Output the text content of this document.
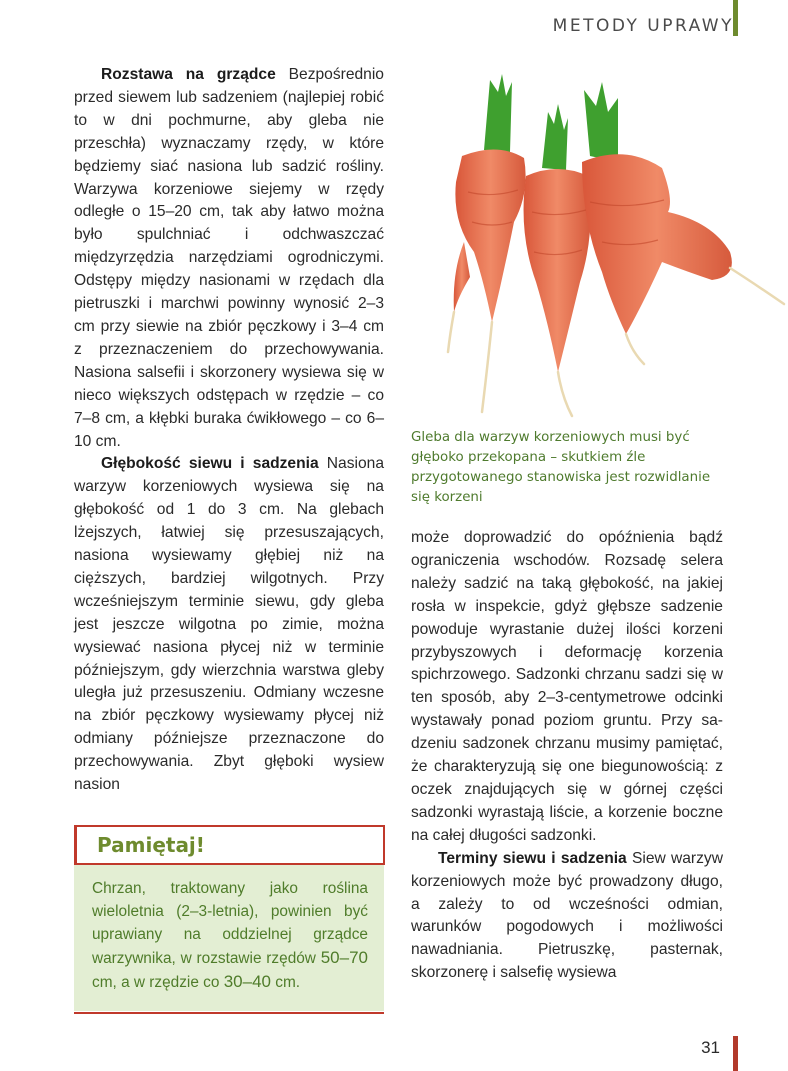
METODY UPRAWY

Rozstawa na grządce Bezpośrednio przed siewem lub sadzeniem (najlepiej robić to w dni pochmurne, aby gleba nie przeschła) wyznaczamy rzędy, w które będziemy siać nasiona lub sadzić rośliny. Warzywa korzeniowe siejemy w rzędy odległe o 15–20 cm, tak aby łatwo można było spulchniać i odchwaszczać międzyrzędzia narzędziami ogrodniczymi. Odstępy między nasionami w rzędach dla pietruszki i marchwi powinny wynosić 2–3 cm przy siewie na zbiór pęczkowy i 3–4 cm z przeznaczeniem do przechowywania. Nasiona salsefii i skorzonery wysiewa się w nieco większych odstępach w rzędzie – co 7–8 cm, a kłębki buraka ćwikłowego – co 6–10 cm.

Głębokość siewu i sadzenia Nasiona warzyw korzeniowych wysiewa się na głębokość od 1 do 3 cm. Na glebach lżejszych, łatwiej się przesuszających, nasiona wysiewamy głębiej niż na cięższych, bardziej wilgotnych. Przy wcześniejszym terminie siewu, gdy gleba jest jeszcze wilgotna po zimie, można wysiewać nasiona płycej niż w terminie późniejszym, gdy wierzchnia warstwa gleby uległa już przesuszeniu. Odmiany wczesne na zbiór pęczkowy wysiewamy płycej niż odmiany późniejsze przeznaczone do przechowywania. Zbyt głęboki wysiew nasion

Gleba dla warzyw korzeniowych musi być głęboko przekopana – skutkiem źle przygotowanego stanowiska jest rozwidlanie się korzeni

może doprowadzić do opóźnienia bądź ograniczenia wschodów. Rozsadę selera należy sadzić na taką głębokość, na jakiej rosła w inspekcie, gdyż głębsze sadzenie powoduje wyrastanie dużej ilości korzeni przybyszowych i deformację korzenia spichrzowego. Sadzonki chrzanu sadzi się w ten sposób, aby 2–3-centymetrowe odcinki wystawały ponad poziom gruntu. Przy sadzeniu sadzonek chrzanu musimy pamiętać, że charakteryzują się one biegunowością: z oczek znajdujących się w górnej części sadzonki wyrastają liście, a korzenie boczne na całej długości sadzonki.

Terminy siewu i sadzenia Siew warzyw korzeniowych może być prowadzony długo, a zależy to od wcześności odmian, warunków pogodowych i możliwości nawadniania. Pietruszkę, pasternak, skorzonerę i salsefię wysiewa

Pamiętaj!

Chrzan, traktowany jako roślina wieloletnia (2–3-letnia), powinien być uprawiany na oddzielnej grządce warzywnika, w rozstawie rzędów 50–70 cm, a w rzędzie co 30–40 cm.

31
